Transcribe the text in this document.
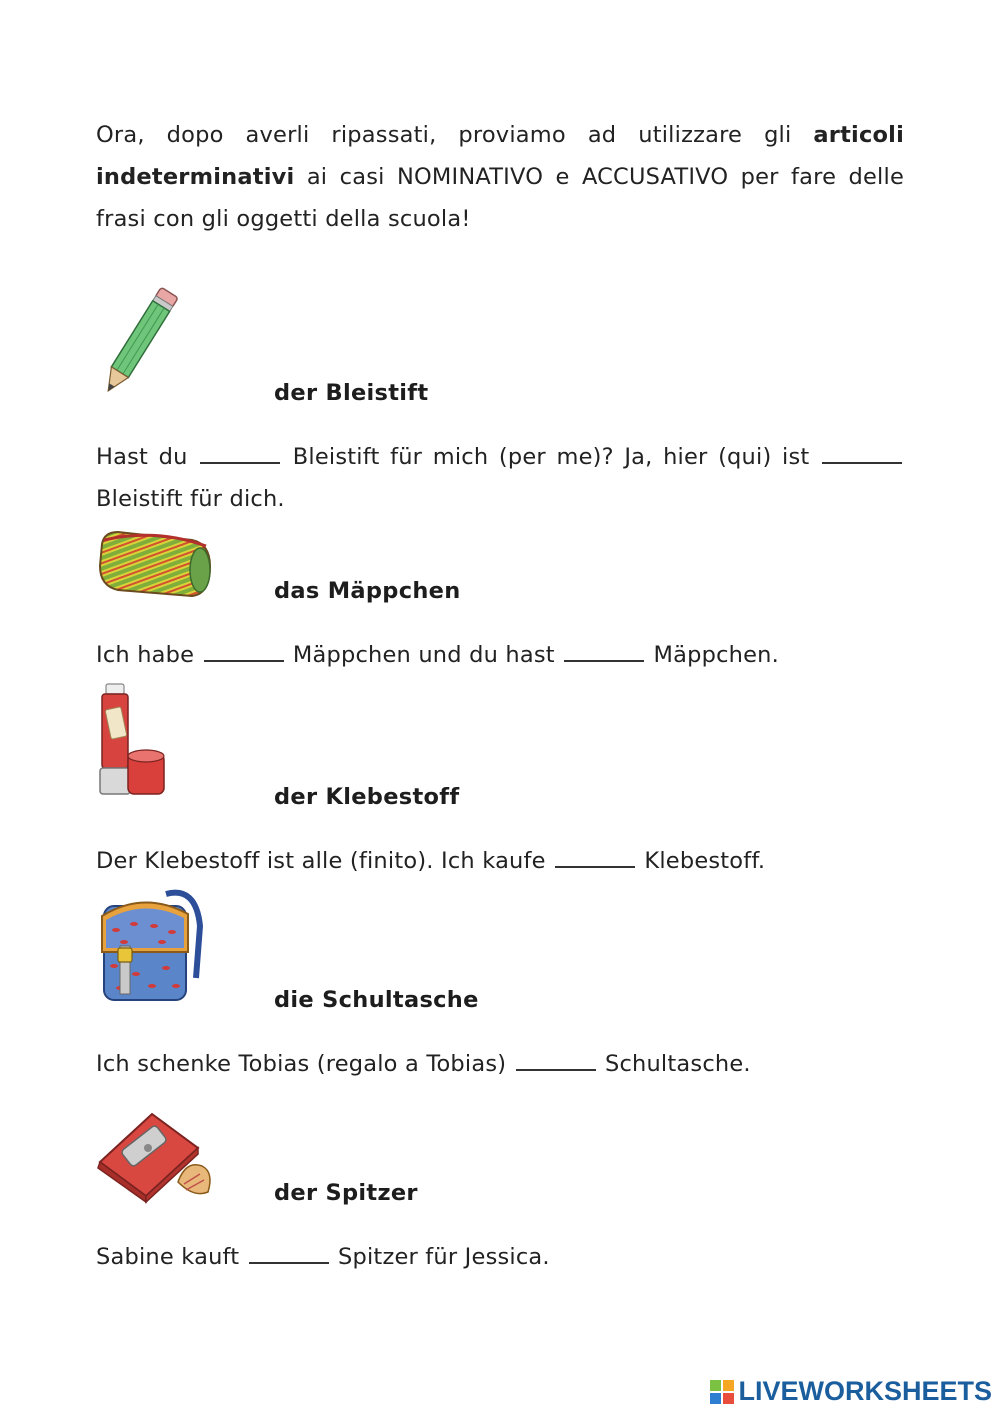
Ora, dopo averli ripassati, proviamo ad utilizzare gli articoli indeterminativi ai casi NOMINATIVO e ACCUSATIVO per fare delle frasi con gli oggetti della scuola!
der Bleistift
Hast du	Bleistift für mich (per me)? Ja, hier (qui) ist  Bleistift für dich.
das Mäppchen
Ich habe	Mäppchen und du hast	Mäppchen.
der Klebestoff
Der Klebestoff ist alle (finito). Ich kaufe	Klebestoff.
die Schultasche
Ich schenke Tobias (regalo a Tobias)	Schultasche.
der Spitzer
Sabine kauft	Spitzer für Jessica.
LIVEWORKSHEETS
